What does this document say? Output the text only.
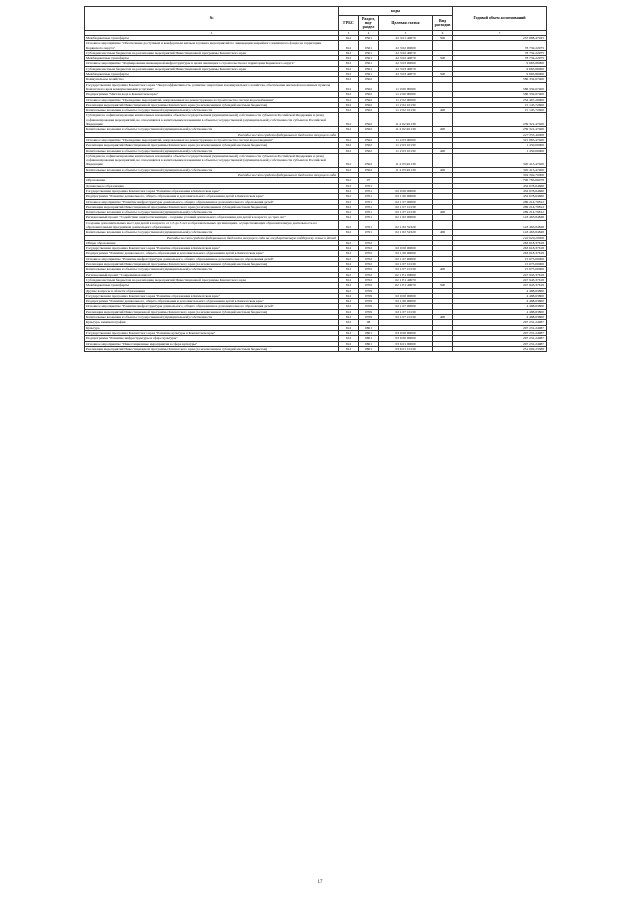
№	коды				Годовой объем ассигнований
	ГРБС	Раздел, под-раздел	Целевая статья	Вид расходов	
2	3	4	5	6	7
Межбюджетные трансферты	812	0501	22 3 01 40070	500	237 898,47025
Основное мероприятие "Обеспечение доступным и комфортным жильем в рамках мероприятий по ликвидации аварийного жилищного фонда на территории Корякского округа"	812	0501	22 3 02 00000		78 732,22975
Субсидии местным бюджетам на реализацию мероприятий Инвестиционной программы Камчатского края	812	0501	22 3 02 40070		78 732,22975
Межбюджетные трансферты	812	0501	22 3 02 40070	500	78 732,22975
Основное мероприятие "Формирование инженерной инфраструктуры в целях жилищного строительства на территории Корякского округа"	812	0501	22 3 03 00000		9 665,86000
Субсидии местным бюджетам на реализацию мероприятий Инвестиционной программы Камчатского края	812	0501	22 3 03 40070		9 665,86000
Межбюджетные трансферты	812	0501	22 3 03 40070	500	9 665,86000
Коммунальное хозяйство	812	0502			586 332,67400
Государственная программа Камчатского края "Энергоэффективность, развитие энергетики и коммунального хозяйства, обеспечение жителей населенных пунктов Камчатского края коммунальными услугами"	812	0502	11 0 00 00000		586 332,67400
Подпрограмма "Чистая вода в Камчатском крае"	812	0502	11 2 00 00000		586 332,67400
Основное мероприятие "Проведение мероприятий, направленных на реконструкцию и строительство систем водоснабжения"	812	0502	11 2 02 00000		254 467,20000
Реализация мероприятий Инвестиционной программы Камчатского края (за исключением субсидий местным бюджетам)	812	0502	11 2 02 10130		15 145,72600
Капитальные вложения в объекты государственной (муниципальной) собственности	812	0502	11 2 02 10130	400	15 145,72600
Субсидии на софинансирование капитальных вложений в объекты государственной (муниципальной) собственности субъектов Российской Федерации и (или) софинансирование мероприятий, не относящихся к капитальным вложениям в объекты государственной (муниципальной) собственности субъектов Российской Федерации	812	0502	11 2 02 R1130		239 321,47400
Капитальные вложения в объекты государственной (муниципальной) собственности	812	0502	11 2 02 R1130	400	239 321,47400
Расходы за счет средств федерального бюджета текущего года					227 355,40000
Основное мероприятие "Проведение мероприятий, направленных на реконструкцию и строительство систем водоотведения"	812	0502	11 2 03 00000		321 865,47400
Реализация мероприятий Инвестиционной программы Камчатского края (за исключением субсидий местным бюджетам)	812	0502	11 2 03 10130		1 450,00000
Капитальные вложения в объекты государственной (муниципальной) собственности	812	0502	11 2 03 10130	400	1 450,00000
Субсидии на софинансирование капитальных вложений в объекты государственной (муниципальной) собственности субъектов Российской Федерации и (или) софинансирование мероприятий, не относящихся к капитальным вложениям в объекты государственной (муниципальной) собственности субъектов Российской Федерации	812	0502	11 2 03 R1130		320 415,47400
Капитальные вложения в объекты государственной (муниципальной) собственности	812	0502	11 2 03 R1130	400	320 415,47400
Расходы за счет средств федерального бюджета текущего года					304 394,70000
Образование	812	07			706 785,66078
Дошкольное образование	812	0701			432 678,64660
Государственная программа Камчатского края "Развитие образования в Камчатском крае"	812	0701	02 0 00 00000		432 678,64660
Подпрограмма "Развитие дошкольного, общего образования и дополнительного образования детей в Камчатском крае"	812	0701	02 1 00 00000		432 678,64660
Основное мероприятие "Развитие инфраструктуры дошкольного, общего образования и дополнительного образования детей"	812	0701	02 1 07 00000		289 214,79812
Реализация мероприятий Инвестиционной программы Камчатского края (за исключением субсидий местным бюджетам)	812	0701	02 1 07 10130		289 214,79812
Капитальные вложения в объекты государственной (муниципальной) собственности	812	0701	02 1 07 10130	400	289 214,79812
Региональный проект "Содействие занятости женщин - создание условий дошкольного образования для детей в возрасте до трех лет"	812	0701	02 1 P2 00000		143 463,84848
Создание дополнительных мест для детей в возрасте от 1,5 до 3 лет в образовательных организациях, осуществляющих образовательную деятельность по образовательным программам дошкольного образования	812	0701	02 1 P2 52320		143 463,84848
Капитальные вложения в объекты государственной (муниципальной) собственности	812	0701	02 1 P2 52320	400	143 463,84848
Расходы за счет средств федерального бюджета текущего года на государственную поддержку семьи и детей					142 029,20000
Общее образование	812	0702			263 618,37618
Государственная программа Камчатского края "Развитие образования в Камчатском крае"	812	0702	02 0 00 00000		263 618,37618
Подпрограмма "Развитие дошкольного, общего образования и дополнительного образования детей в Камчатском крае"	812	0702	02 1 00 00000		263 618,37618
Основное мероприятие "Развитие инфраструктуры дошкольного, общего образования и дополнительного образования детей"	812	0702	02 1 07 00000		15 675,00000
Реализация мероприятий Инвестиционной программы Камчатского края (за исключением субсидий местным бюджетам)	812	0702	02 1 07 10130		15 675,00000
Капитальные вложения в объекты государственной (муниципальной) собственности	812	0702	02 1 07 10130	400	15 675,00000
Региональный проект "Современная школа"	812	0702	02 1 E1 00000		247 943,37618
Субсидии местным бюджетам на реализацию мероприятий Инвестиционной программы Камчатского края	812	0702	02 1 E1 40070		247 943,37618
Межбюджетные трансферты	812	0702	02 1 E1 40070	500	247 943,37618
Другие вопросы в области образования	812	0709			4 488,63800
Государственная программа Камчатского края "Развитие образования в Камчатском крае"	812	0709	02 0 00 00000		4 488,63800
Подпрограмма "Развитие дошкольного, общего образования и дополнительного образования детей в Камчатском крае"	812	0709	02 1 00 00000		4 488,63800
Основное мероприятие "Развитие инфраструктуры дошкольного, общего образования и дополнительного образования детей"	812	0709	02 1 07 00000		4 488,63800
Реализация мероприятий Инвестиционной программы Камчатского края (за исключением субсидий местным бюджетам)	812	0709	02 1 07 10130		4 488,63800
Капитальные вложения в объекты государственной (муниципальной) собственности	812	0709	02 1 07 10130	400	4 488,63800
Культура, кинематография	812	08			297 231,24987
Культура	812	0801			297 231,24987
Государственная программа Камчатского края "Развитие культуры в Камчатском крае"	812	0801	03 0 00 00000		297 231,24987
Подпрограмма "Развитие инфраструктуры в сфере культуры"	812	0801	03 6 00 00000		297 231,24987
Основное мероприятие "Инвестиционные мероприятия в сфере культуры"	812	0801	03 6 01 00000		297 231,24987
Реализация мероприятий Инвестиционной программы Камчатского края (за исключением субсидий местным бюджетам)	812	0801	03 6 01 10130		251 602,23389
17
